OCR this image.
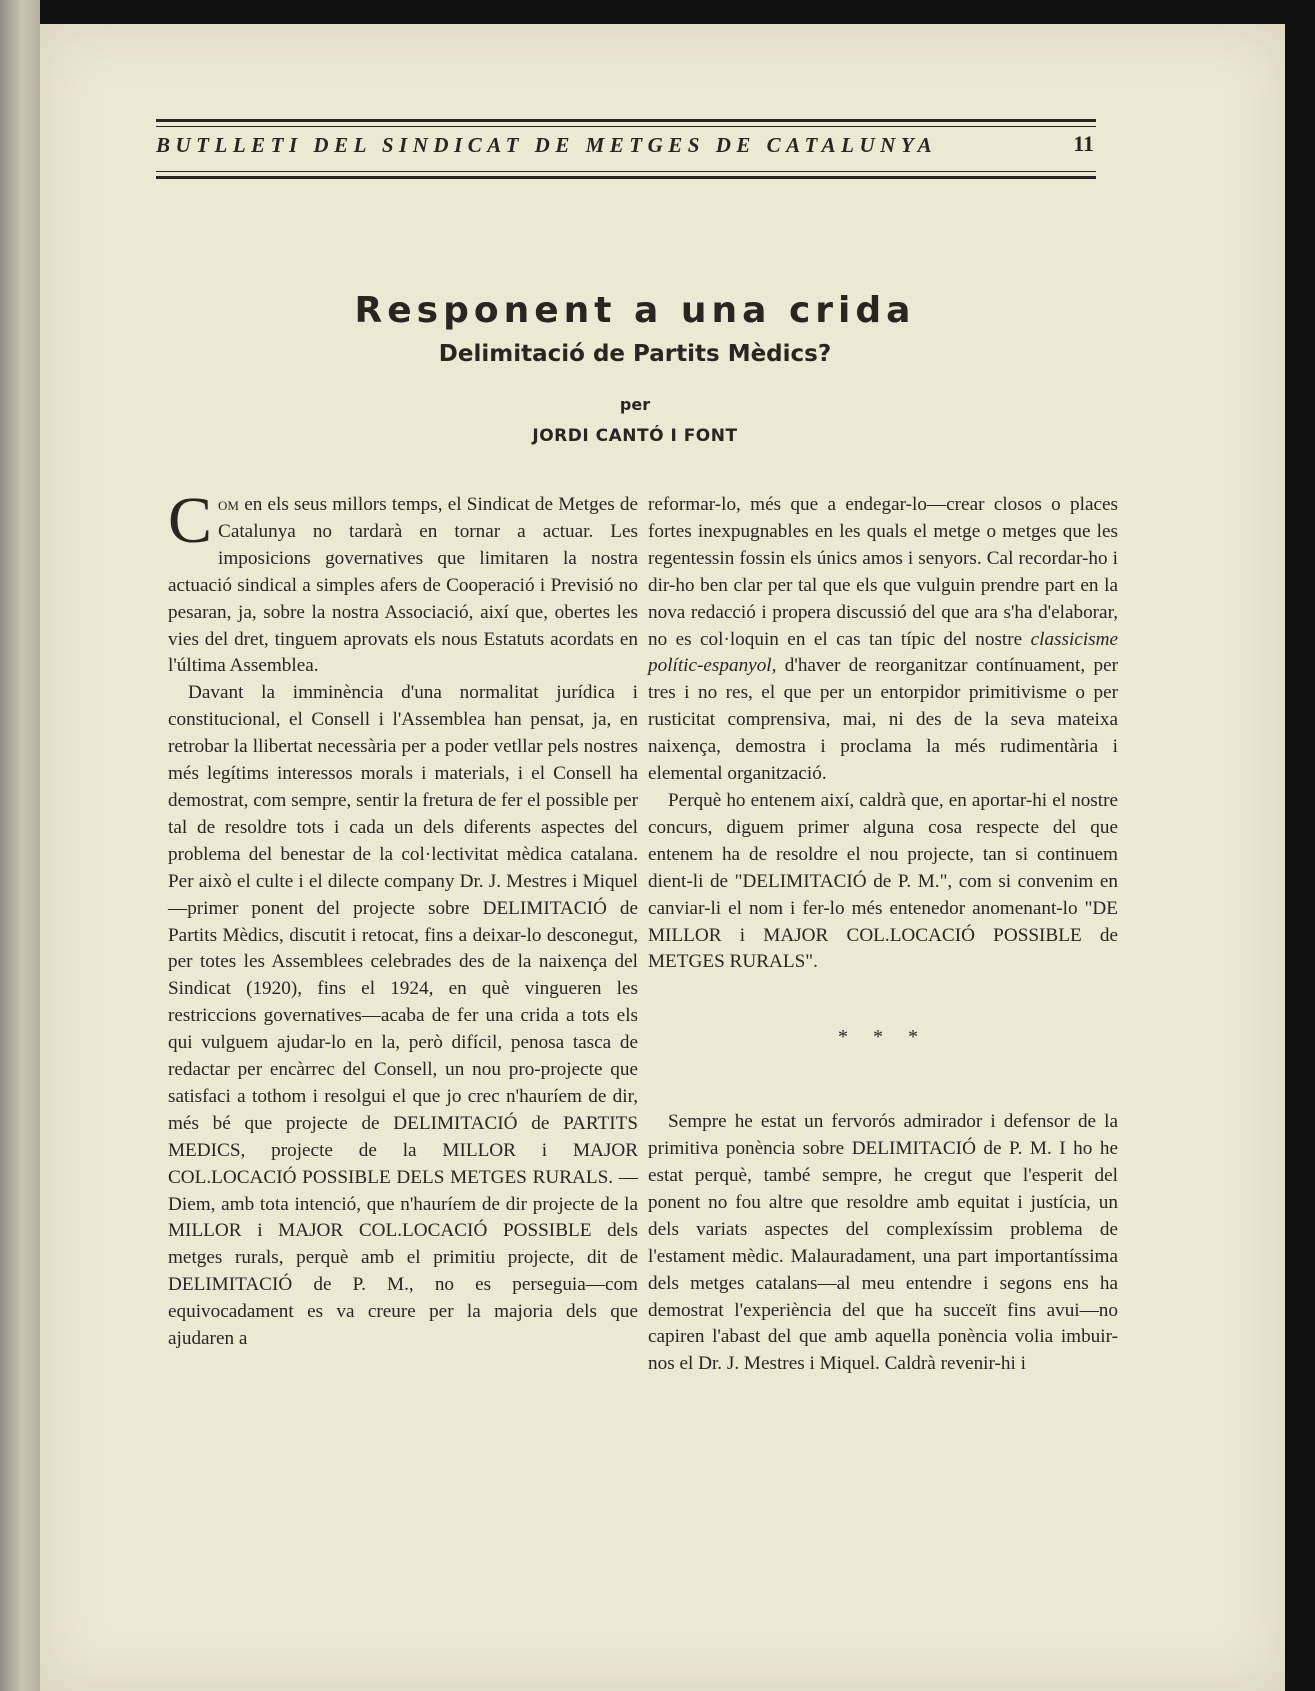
BUTLLETI DEL SINDICAT DE METGES DE CATALUNYA	11
Responent a una crida
Delimitació de Partits Mèdics?
per
JORDI CANTÓ I FONT

Com en els seus millors temps, el Sindicat de Metges de Catalunya no tardarà en tornar a actuar. Les imposicions governatives que limitaren la nostra actuació sindical a simples afers de Cooperació i Previsió no pesaran, ja, sobre la nostra Associació, així que, obertes les vies del dret, tinguem aprovats els nous Estatuts acordats en l'última Assemblea.

Davant la imminència d'una normalitat jurídica i constitucional, el Consell i l'Assemblea han pensat, ja, en retrobar la llibertat necessària per a poder vetllar pels nostres més legítims interessos morals i materials, i el Consell ha demostrat, com sempre, sentir la fretura de fer el possible per tal de resoldre tots i cada un dels diferents aspectes del problema del benestar de la col·lectivitat mèdica catalana. Per això el culte i el dilecte company Dr. J. Mestres i Miquel—primer ponent del projecte sobre DELIMITACIÓ de Partits Mèdics, discutit i retocat, fins a deixar-lo desconegut, per totes les Assemblees celebrades des de la naixença del Sindicat (1920), fins el 1924, en què vingueren les restriccions governatives—acaba de fer una crida a tots els qui vulguem ajudar-lo en la, però difícil, penosa tasca de redactar per encàrrec del Consell, un nou pro-projecte que satisfaci a tothom i resolgui el que jo crec n'hauríem de dir, més bé que projecte de DELIMITACIÓ de PARTITS MEDICS, projecte de la MILLOR i MAJOR COL.LOCACIÓ POSSIBLE DELS METGES RURALS. — Diem, amb tota intenció, que n'hauríem de dir projecte de la MILLOR i MAJOR COL.LOCACIÓ POSSIBLE dels metges rurals, perquè amb el primitiu projecte, dit de DELIMITACIÓ de P. M., no es perseguia—com equivocadament es va creure per la majoria dels que ajudaren a

reformar-lo, més que a endegar-lo—crear closos o places fortes inexpugnables en les quals el metge o metges que les regentessin fossin els únics amos i senyors. Cal recordar-ho i dir-ho ben clar per tal que els que vulguin prendre part en la nova redacció i propera discussió del que ara s'ha d'elaborar, no es col·loquin en el cas tan típic del nostre classicisme polític-espanyol, d'haver de reorganitzar contínuament, per tres i no res, el que per un entorpidor primitivisme o per rusticitat comprensiva, mai, ni des de la seva mateixa naixença, demostra i proclama la més rudimentària i elemental organització.

Perquè ho entenem així, caldrà que, en aportar-hi el nostre concurs, diguem primer alguna cosa respecte del que entenem ha de resoldre el nou projecte, tan si continuem dient-li de "DELIMITACIÓ de P. M.", com si convenim en canviar-li el nom i fer-lo més entenedor anomenant-lo "DE MILLOR i MAJOR COL.LOCACIÓ POSSIBLE de METGES RURALS".

* * *

Sempre he estat un fervorós admirador i defensor de la primitiva ponència sobre DELIMITACIÓ de P. M. I ho he estat perquè, també sempre, he cregut que l'esperit del ponent no fou altre que resoldre amb equitat i justícia, un dels variats aspectes del complexíssim problema de l'estament mèdic. Malauradament, una part importantíssima dels metges catalans—al meu entendre i segons ens ha demostrat l'experiència del que ha succeït fins avui—no capiren l'abast del que amb aquella ponència volia imbuir-nos el Dr. J. Mestres i Miquel. Caldrà revenir-hi i
